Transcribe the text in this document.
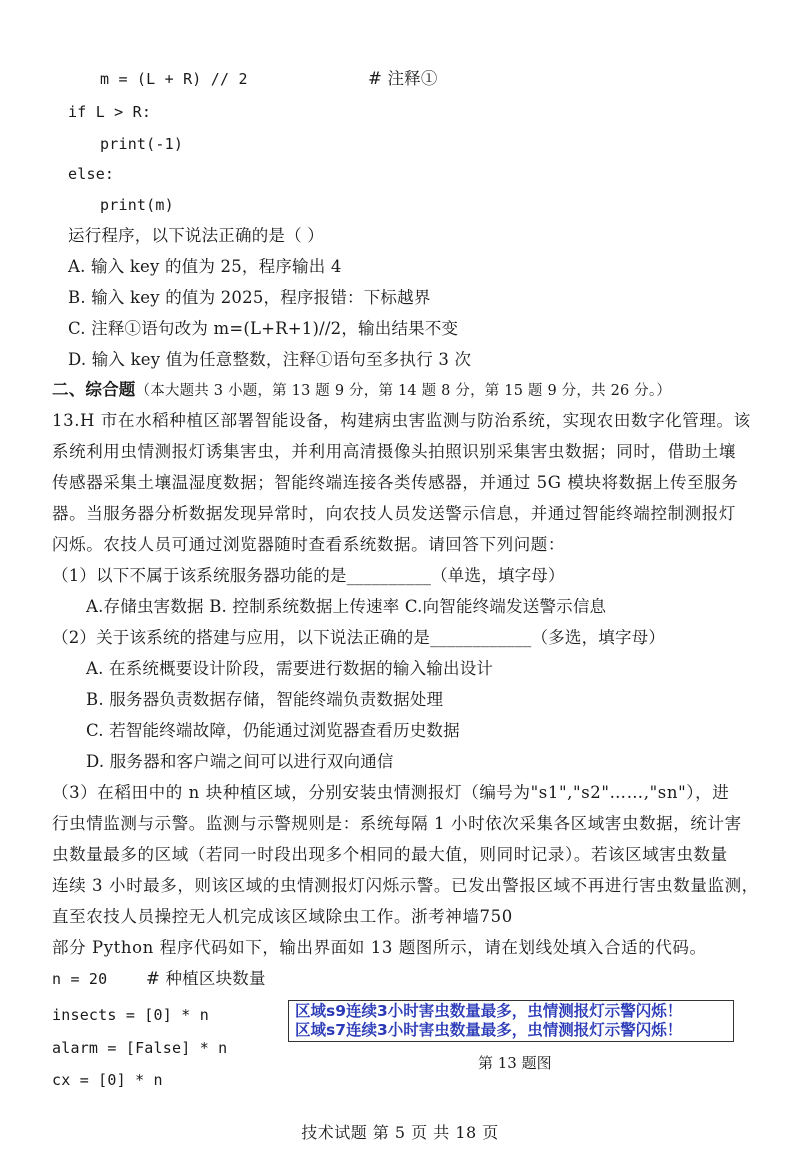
m = (L + R) // 2	# 注释①
if L > R:
print(-1)
else:
print(m)
运行程序，以下说法正确的是（ ）
A. 输入 key 的值为 25，程序输出 4
B. 输入 key 的值为 2025，程序报错：下标越界
C. 注释①语句改为 m=(L+R+1)//2，输出结果不变
D. 输入 key 值为任意整数，注释①语句至多执行 3 次
二、综合题（本大题共 3 小题，第 13 题 9 分，第 14 题 8 分，第 15 题 9 分，共 26 分。）
13.H 市在水稻种植区部署智能设备，构建病虫害监测与防治系统，实现农田数字化管理。该
系统利用虫情测报灯诱集害虫，并利用高清摄像头拍照识别采集害虫数据；同时，借助土壤
传感器采集土壤温湿度数据；智能终端连接各类传感器，并通过 5G 模块将数据上传至服务
器。当服务器分析数据发现异常时，向农技人员发送警示信息，并通过智能终端控制测报灯
闪烁。农技人员可通过浏览器随时查看系统数据。请回答下列问题：
（1）以下不属于该系统服务器功能的是__________（单选，填字母）
A.存储虫害数据 B. 控制系统数据上传速率 C.向智能终端发送警示信息
（2）关于该系统的搭建与应用，以下说法正确的是____________（多选，填字母）
A. 在系统概要设计阶段，需要进行数据的输入输出设计
B. 服务器负责数据存储，智能终端负责数据处理
C. 若智能终端故障，仍能通过浏览器查看历史数据
D. 服务器和客户端之间可以进行双向通信
（3）在稻田中的 n 块种植区域，分别安装虫情测报灯（编号为"s1","s2"……,"sn"），进
行虫情监测与示警。监测与示警规则是：系统每隔 1 小时依次采集各区域害虫数据，统计害
虫数量最多的区域（若同一时段出现多个相同的最大值，则同时记录）。若该区域害虫数量
连续 3 小时最多，则该区域的虫情测报灯闪烁示警。已发出警报区域不再进行害虫数量监测，
直至农技人员操控无人机完成该区域除虫工作。浙考神墙750
部分 Python 程序代码如下，输出界面如 13 题图所示，请在划线处填入合适的代码。
n = 20 # 种植区块数量
insects = [0] * n
alarm = [False] * n
cx = [0] * n
区域s9连续3小时害虫数量最多，虫情测报灯示警闪烁！
区域s7连续3小时害虫数量最多，虫情测报灯示警闪烁！
第 13 题图
技术试题 第 5 页 共 18 页
